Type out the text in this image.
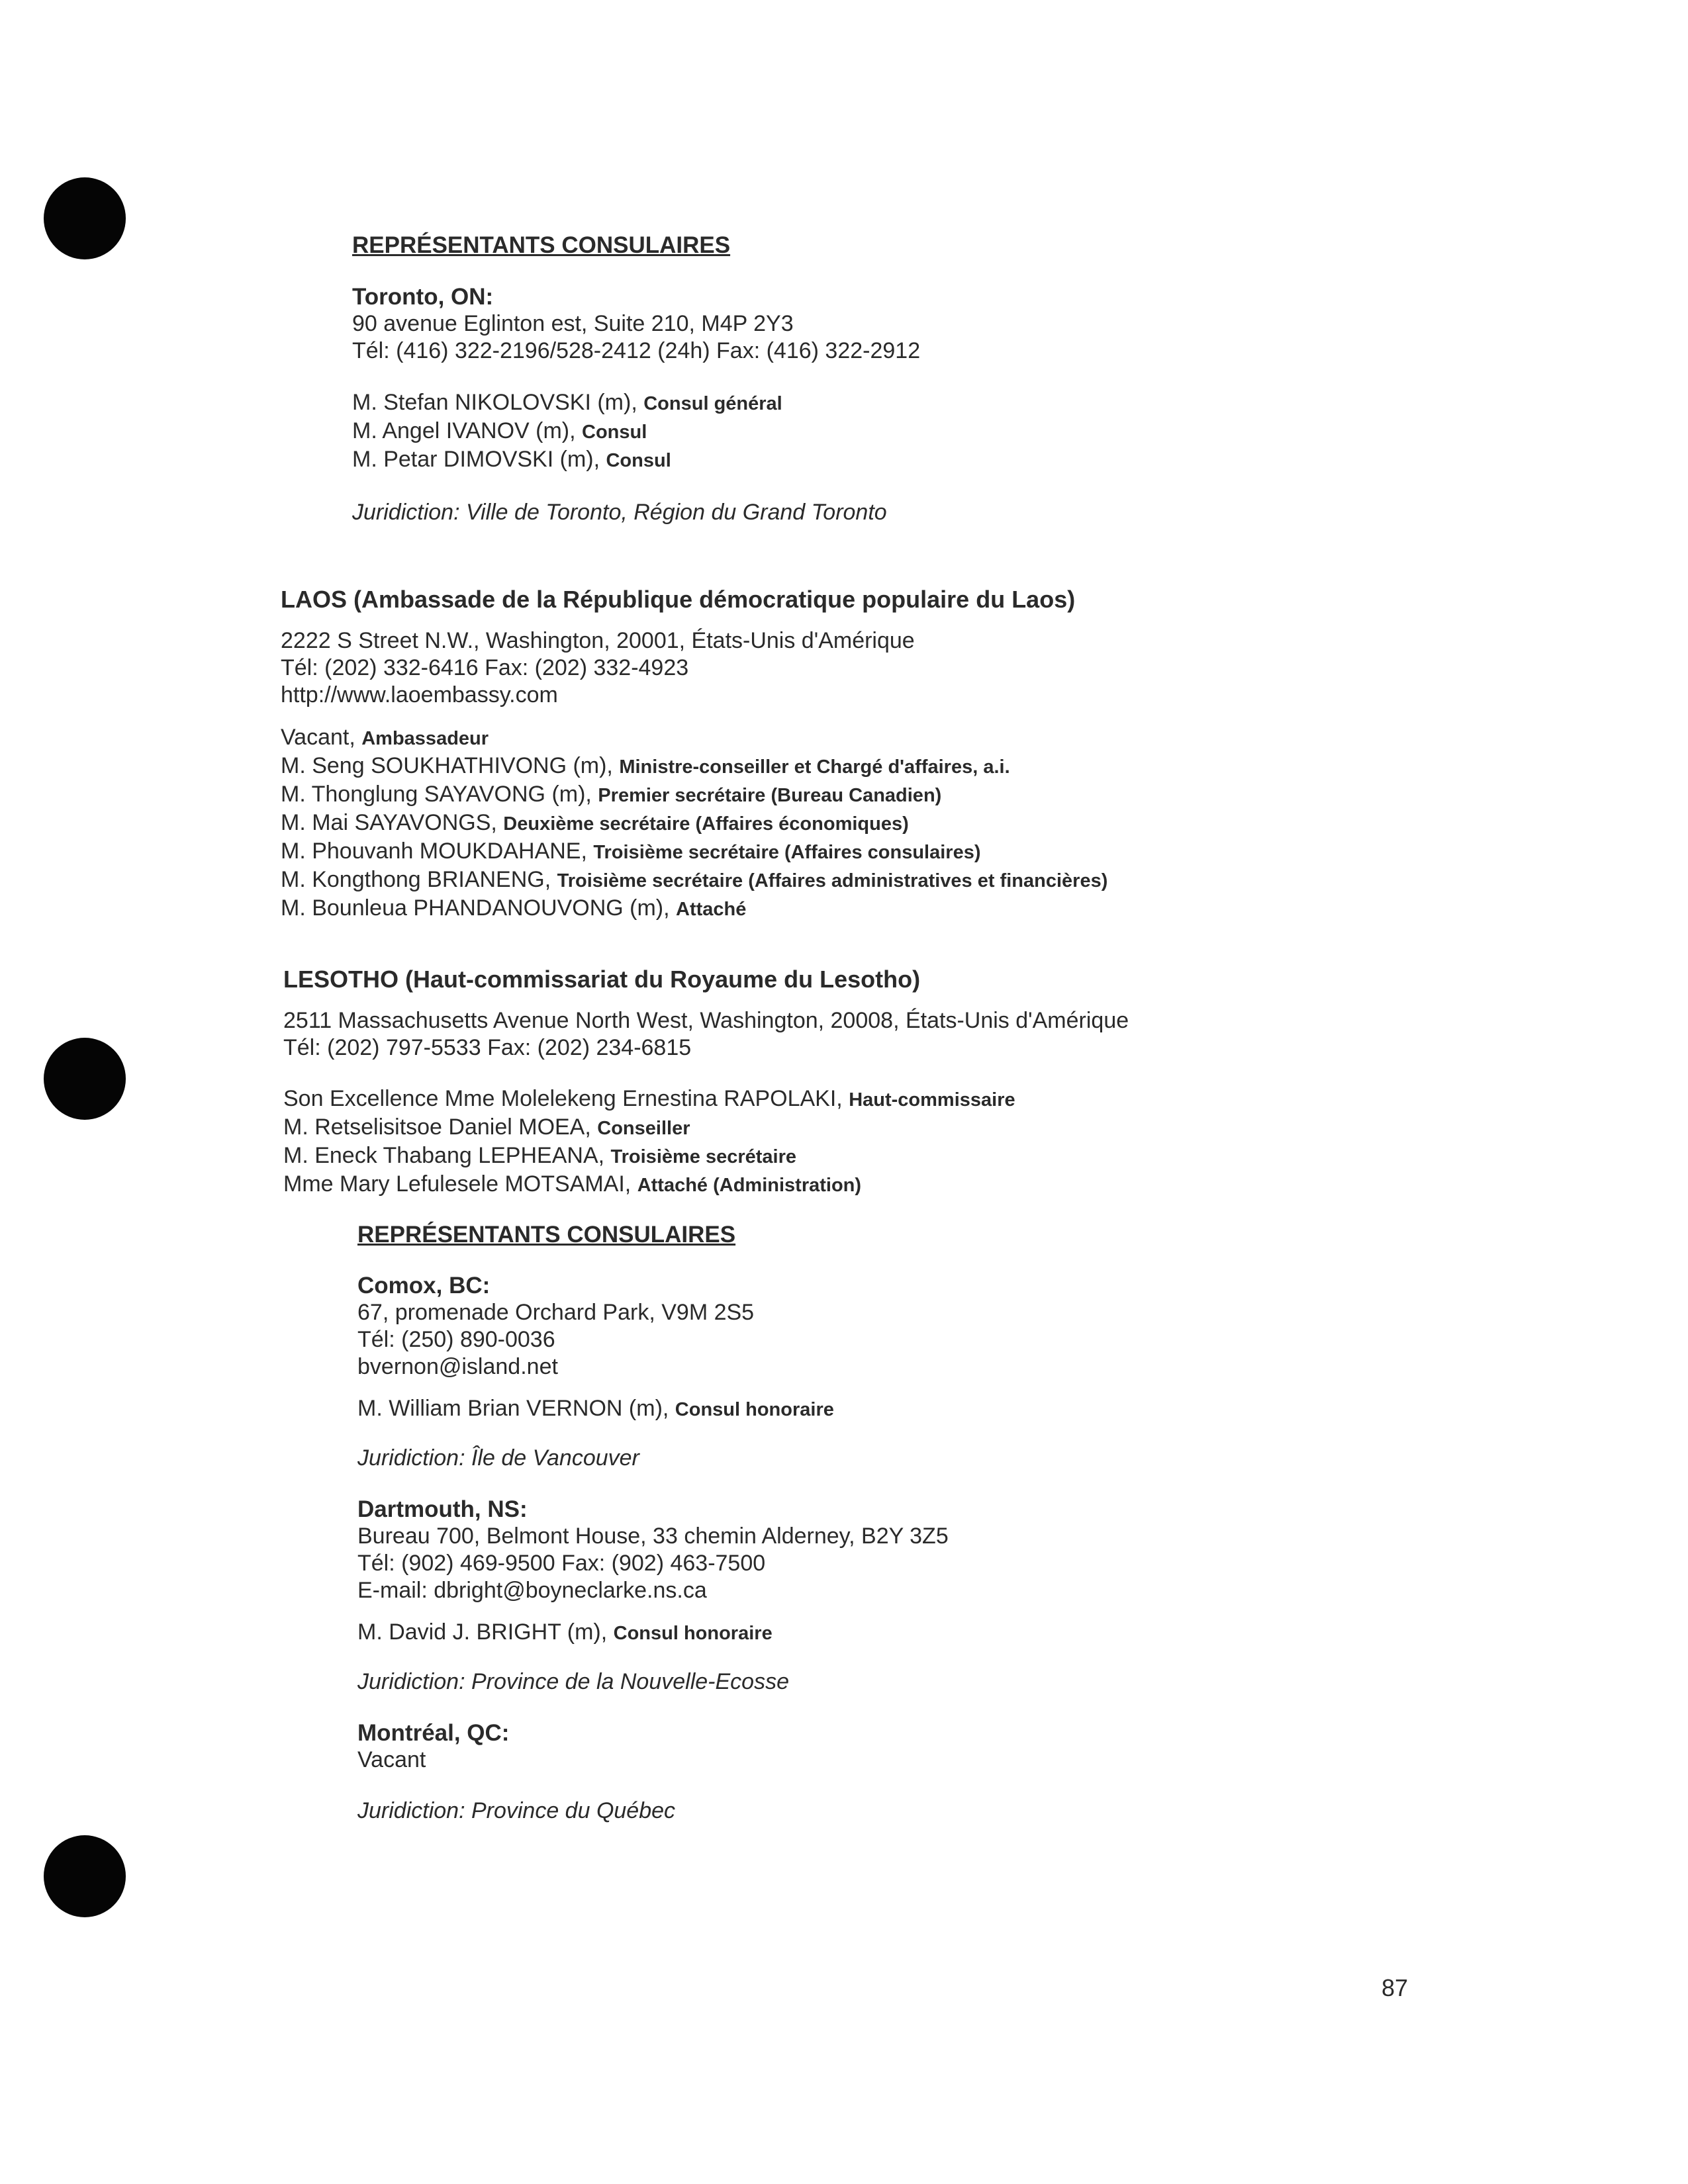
REPRÉSENTANTS CONSULAIRES
Toronto, ON:
90 avenue Eglinton est, Suite 210, M4P 2Y3
Tél: (416) 322-2196/528-2412 (24h) Fax: (416) 322-2912
M. Stefan NIKOLOVSKI (m), Consul général
M. Angel IVANOV (m), Consul
M. Petar DIMOVSKI (m), Consul
Juridiction: Ville de Toronto, Région du Grand Toronto
LAOS (Ambassade de la République démocratique populaire du Laos)
2222 S Street N.W., Washington, 20001, États-Unis d'Amérique
Tél: (202) 332-6416 Fax: (202) 332-4923
http://www.laoembassy.com
Vacant, Ambassadeur
M. Seng SOUKHATHIVONG (m), Ministre-conseiller et Chargé d'affaires, a.i.
M. Thonglung SAYAVONG (m), Premier secrétaire (Bureau Canadien)
M. Mai SAYAVONGS, Deuxième secrétaire (Affaires économiques)
M. Phouvanh MOUKDAHANE, Troisième secrétaire (Affaires consulaires)
M. Kongthong BRIANENG, Troisième secrétaire (Affaires administratives et financières)
M. Bounleua PHANDANOUVONG (m), Attaché
LESOTHO (Haut-commissariat du Royaume du Lesotho)
2511 Massachusetts Avenue North West, Washington, 20008, États-Unis d'Amérique
Tél: (202) 797-5533 Fax: (202) 234-6815
Son Excellence Mme Molelekeng Ernestina RAPOLAKI, Haut-commissaire
M. Retselisitsoe Daniel MOEA, Conseiller
M. Eneck Thabang LEPHEANA, Troisième secrétaire
Mme Mary Lefulesele MOTSAMAI, Attaché (Administration)
REPRÉSENTANTS CONSULAIRES
Comox, BC:
67, promenade Orchard Park, V9M 2S5
Tél: (250) 890-0036
bvernon@island.net
M. William Brian VERNON (m), Consul honoraire
Juridiction: Île de Vancouver
Dartmouth, NS:
Bureau 700, Belmont House, 33 chemin Alderney, B2Y 3Z5
Tél: (902) 469-9500 Fax: (902) 463-7500
E-mail: dbright@boyneclarke.ns.ca
M. David J. BRIGHT (m), Consul honoraire
Juridiction: Province de la Nouvelle-Ecosse
Montréal, QC:
Vacant
Juridiction: Province du Québec
87
